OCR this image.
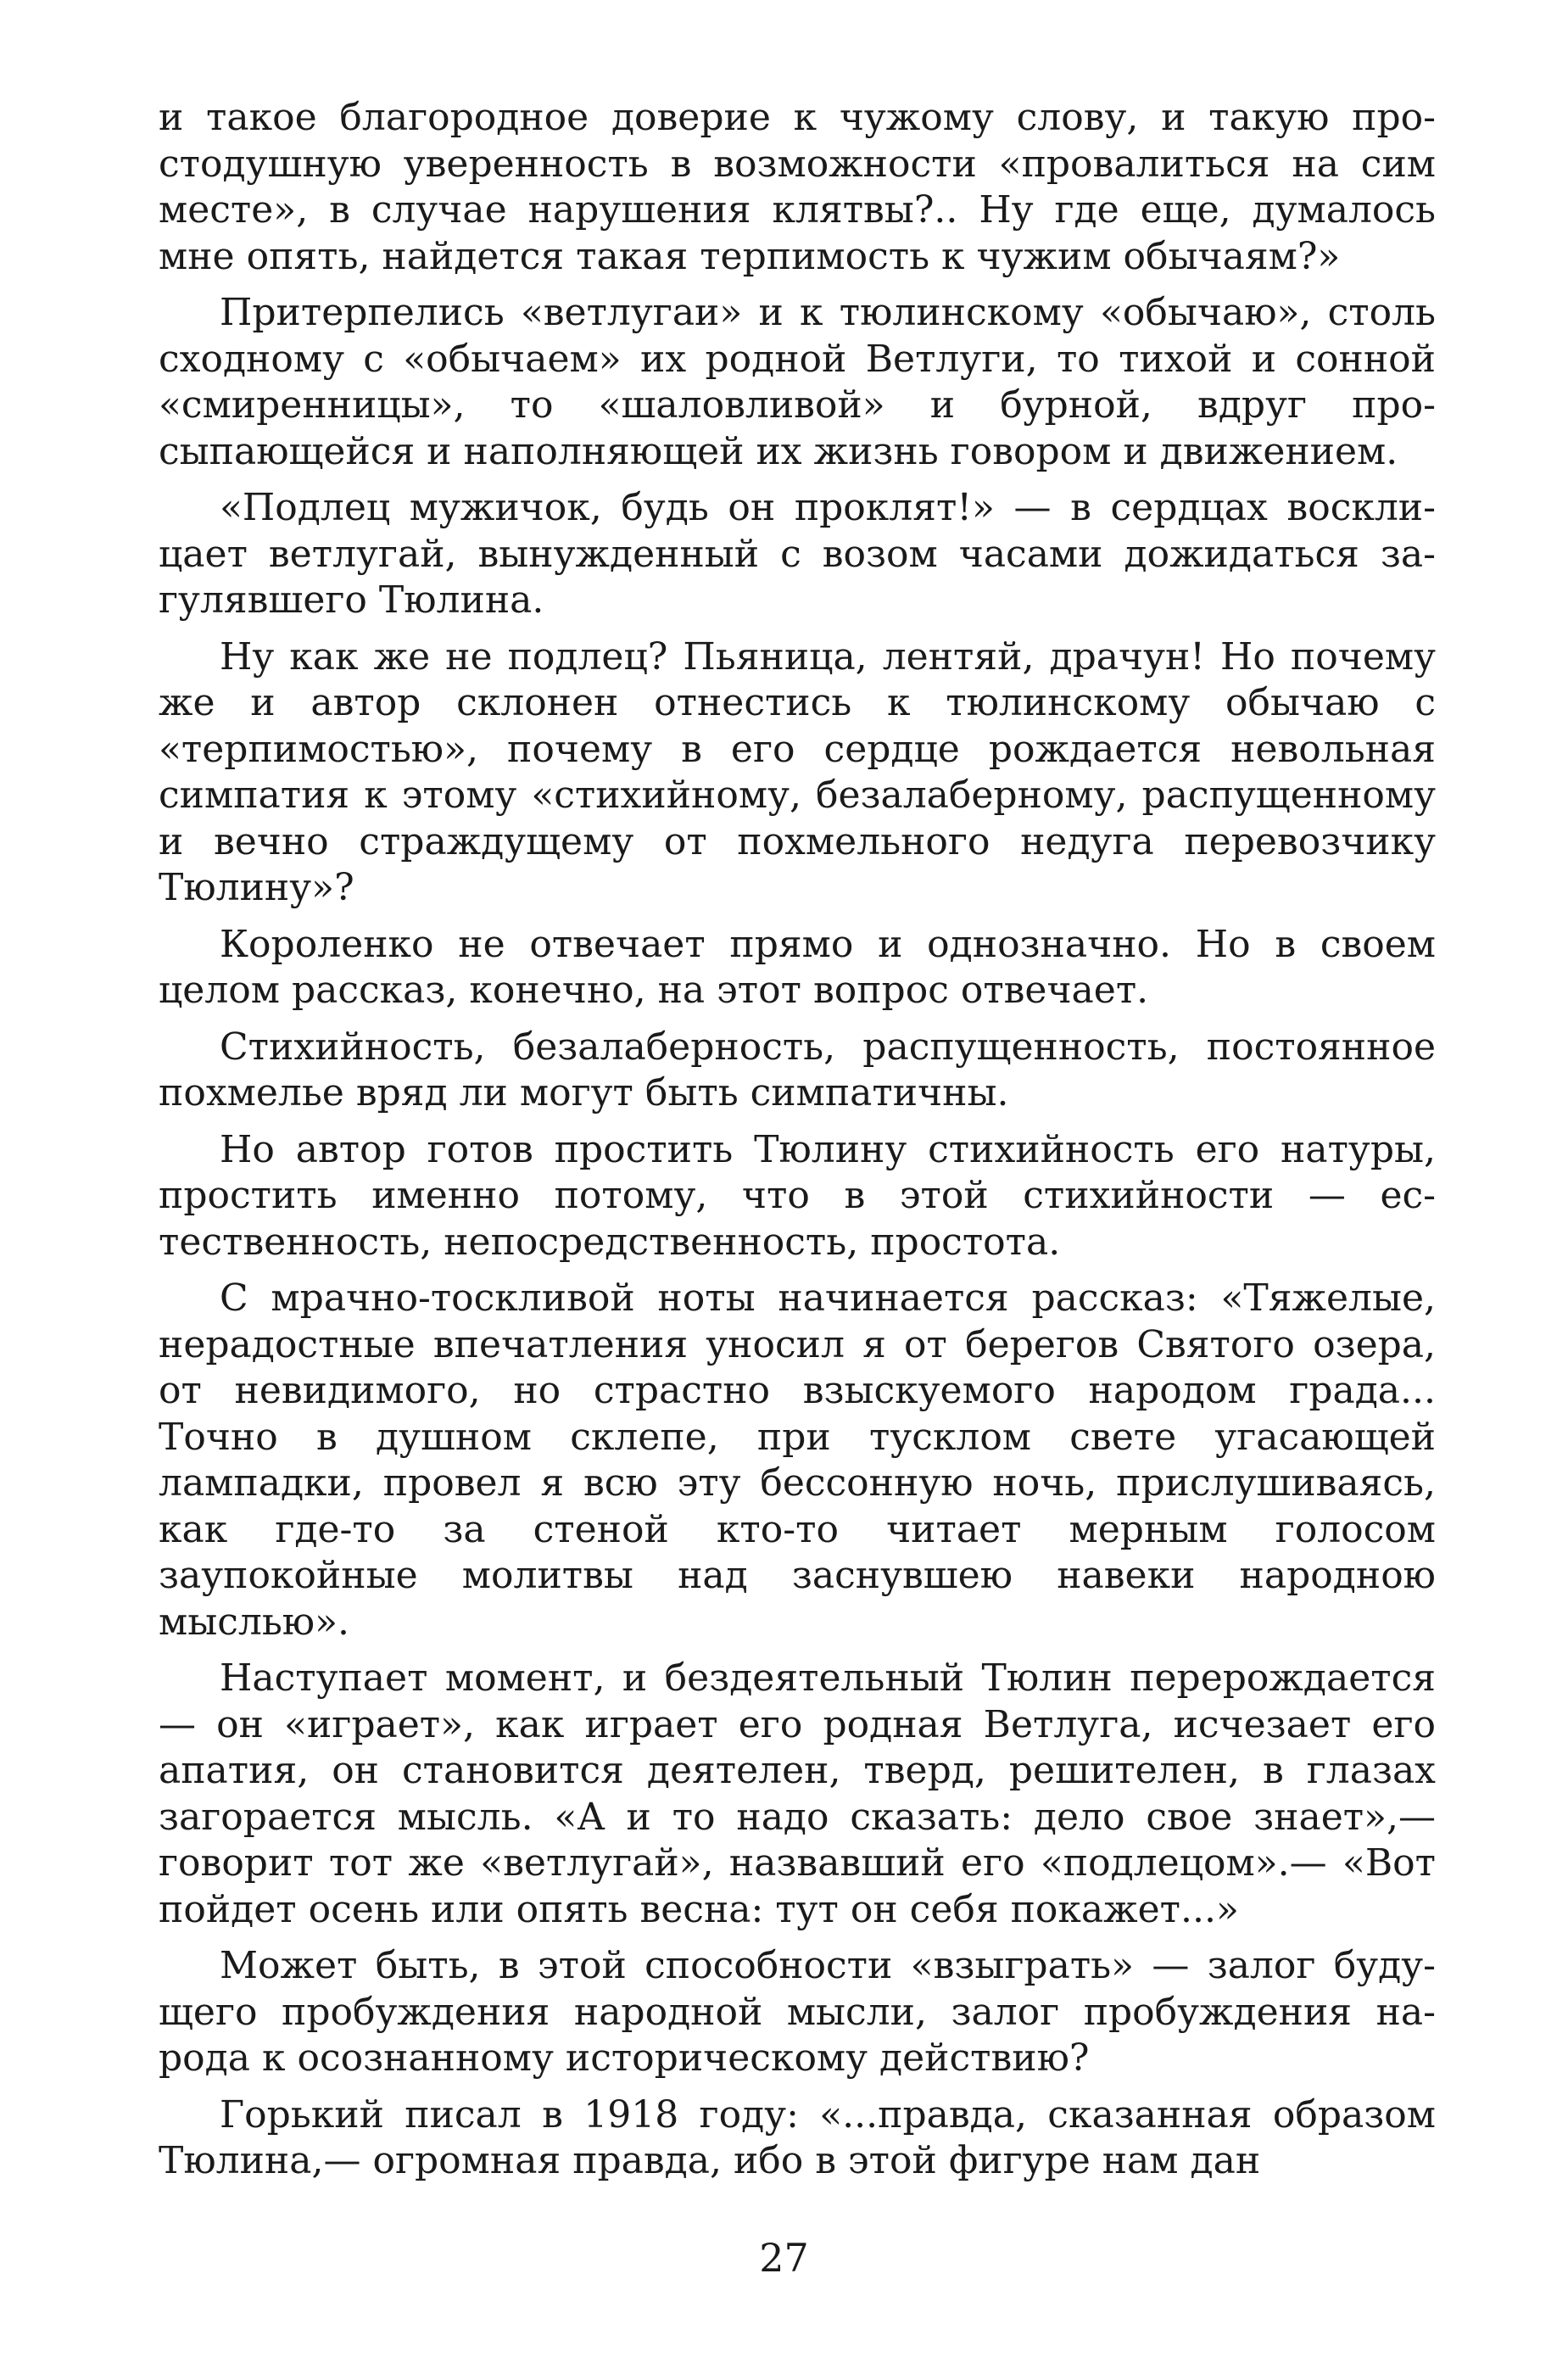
и такое благородное доверие к чужому слову, и такую простодушную уверенность в возможности «провалиться на сим месте», в случае нарушения клятвы?.. Ну где еще, думалось мне опять, найдется такая терпимость к чужим обычаям?»

Притерпелись «ветлугаи» и к тюлинскому «обычаю», столь сходному с «обычаем» их родной Ветлуги, то тихой и сонной «смиренницы», то «шаловливой» и бурной, вдруг просыпающейся и наполняющей их жизнь говором и движением.

«Подлец мужичок, будь он проклят!» — в сердцах восклицает ветлугай, вынужденный с возом часами дожидаться загулявшего Тюлина.

Ну как же не подлец? Пьяница, лентяй, драчун! Но почему же и автор склонен отнестись к тюлинскому обычаю с «терпимостью», почему в его сердце рождается невольная симпатия к этому «стихийному, безалаберному, распущенному и вечно страждущему от похмельного недуга перевозчику Тюлину»?

Короленко не отвечает прямо и однозначно. Но в своем целом рассказ, конечно, на этот вопрос отвечает.

Стихийность, безалаберность, распущенность, постоянное похмелье вряд ли могут быть симпатичны.

Но автор готов простить Тюлину стихийность его натуры, простить именно потому, что в этой стихийности — естественность, непосредственность, простота.

С мрачно-тоскливой ноты начинается рассказ: «Тяжелые, нерадостные впечатления уносил я от берегов Святого озера, от невидимого, но страстно взыскуемого народом града... Точно в душном склепе, при тусклом свете угасающей лампадки, провел я всю эту бессонную ночь, прислушиваясь, как где-то за стеной кто-то читает мерным голосом заупокойные молитвы над заснувшею навеки народною мыслью».

Наступает момент, и бездеятельный Тюлин перерождается — он «играет», как играет его родная Ветлуга, исчезает его апатия, он становится деятелен, тверд, решителен, в глазах загорается мысль. «А и то надо сказать: дело свое знает»,— говорит тот же «ветлугай», назвавший его «подлецом».— «Вот пойдет осень или опять весна: тут он себя покажет...»

Может быть, в этой способности «взыграть» — залог будущего пробуждения народной мысли, залог пробуждения народа к осознанному историческому действию?

Горький писал в 1918 году: «...правда, сказанная образом Тюлина,— огромная правда, ибо в этой фигуре нам дан

27
